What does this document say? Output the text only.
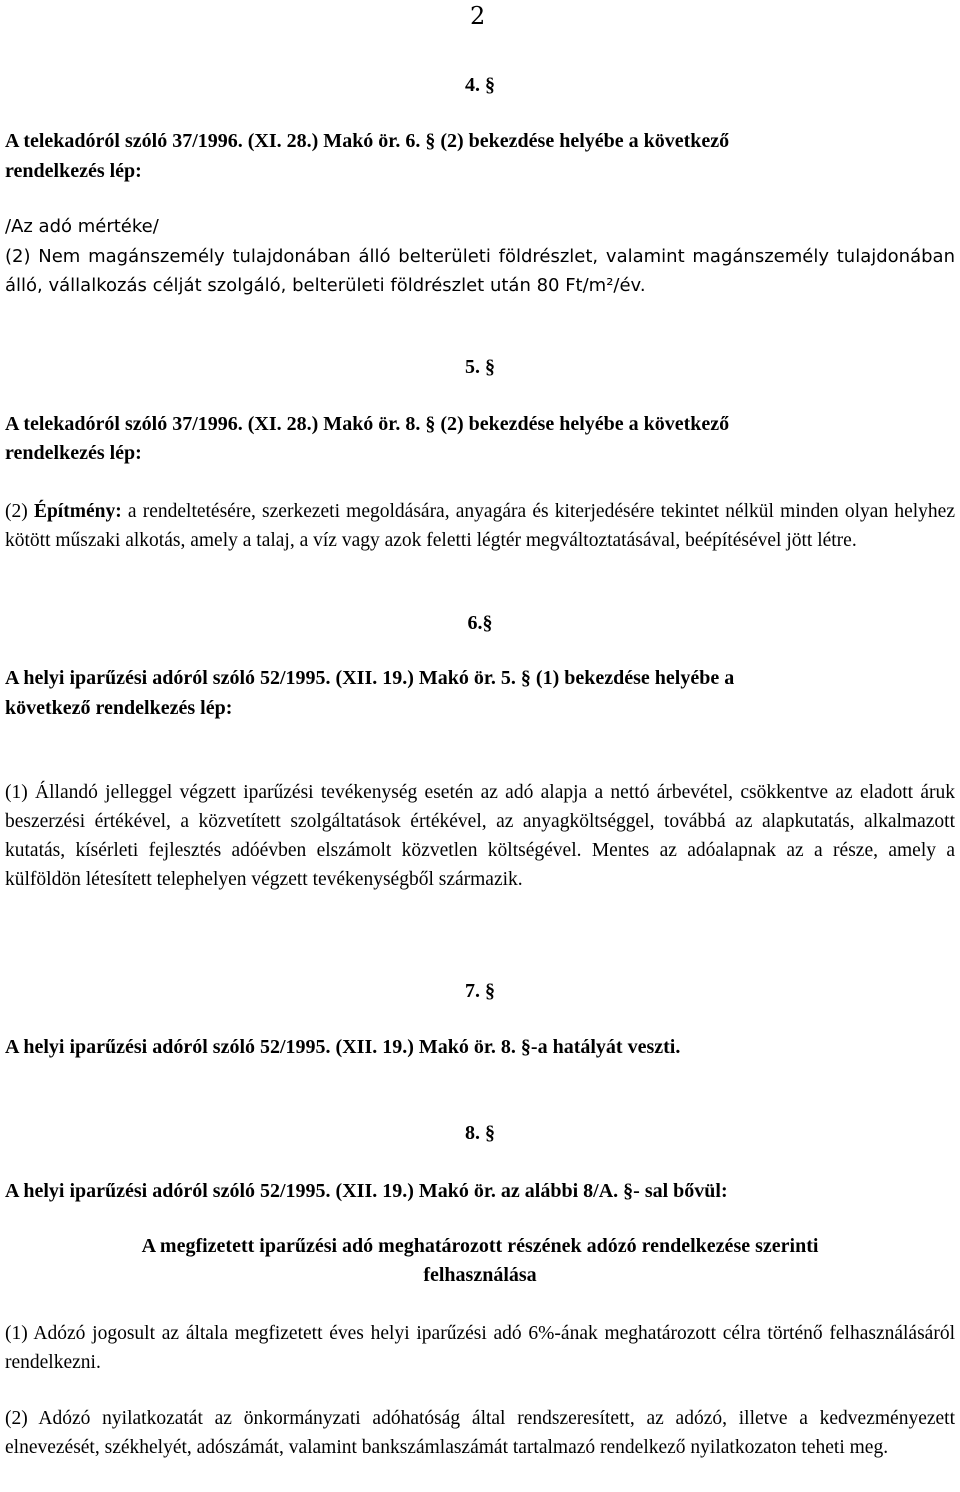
2
4. §
A telekadóról szóló 37/1996. (XI. 28.) Makó ör. 6. § (2) bekezdése helyébe a következő
rendelkezés lép:
/Az adó mértéke/
(2) Nem magánszemély tulajdonában álló belterületi földrészlet, valamint magánszemély tulajdonában álló, vállalkozás célját szolgáló, belterületi földrészlet után 80 Ft/m²/év.
5. §
A telekadóról szóló 37/1996. (XI. 28.) Makó ör. 8. § (2) bekezdése helyébe a következő
rendelkezés lép:
(2) Építmény: a rendeltetésére, szerkezeti megoldására, anyagára és kiterjedésére tekintet nélkül minden olyan helyhez kötött műszaki alkotás, amely a talaj, a víz vagy azok feletti légtér megváltoztatásával, beépítésével jött létre.
6.§
A helyi iparűzési adóról szóló 52/1995. (XII. 19.) Makó ör. 5. § (1) bekezdése helyébe a
következő rendelkezés lép:
(1) Állandó jelleggel végzett iparűzési tevékenység esetén az adó alapja a nettó árbevétel, csökkentve az eladott áruk beszerzési értékével, a közvetített szolgáltatások értékével, az anyagköltséggel, továbbá az alapkutatás, alkalmazott kutatás, kísérleti fejlesztés adóévben elszámolt közvetlen költségével. Mentes az adóalapnak az a része, amely a külföldön létesített telephelyen végzett tevékenységből származik.
7. §
A helyi iparűzési adóról szóló 52/1995. (XII. 19.) Makó ör. 8. §-a hatályát veszti.
8. §
A helyi iparűzési adóról szóló 52/1995. (XII. 19.) Makó ör. az alábbi 8/A. §- sal bővül:
A megfizetett iparűzési adó meghatározott részének adózó rendelkezése szerinti
felhasználása
(1) Adózó jogosult az általa megfizetett éves helyi iparűzési adó 6%-ának meghatározott célra történő felhasználásáról rendelkezni.
(2) Adózó nyilatkozatát az önkormányzati adóhatóság által rendszeresített, az adózó, illetve a kedvezményezett elnevezését, székhelyét, adószámát, valamint bankszámlaszámát tartalmazó rendelkező nyilatkozaton teheti meg.
